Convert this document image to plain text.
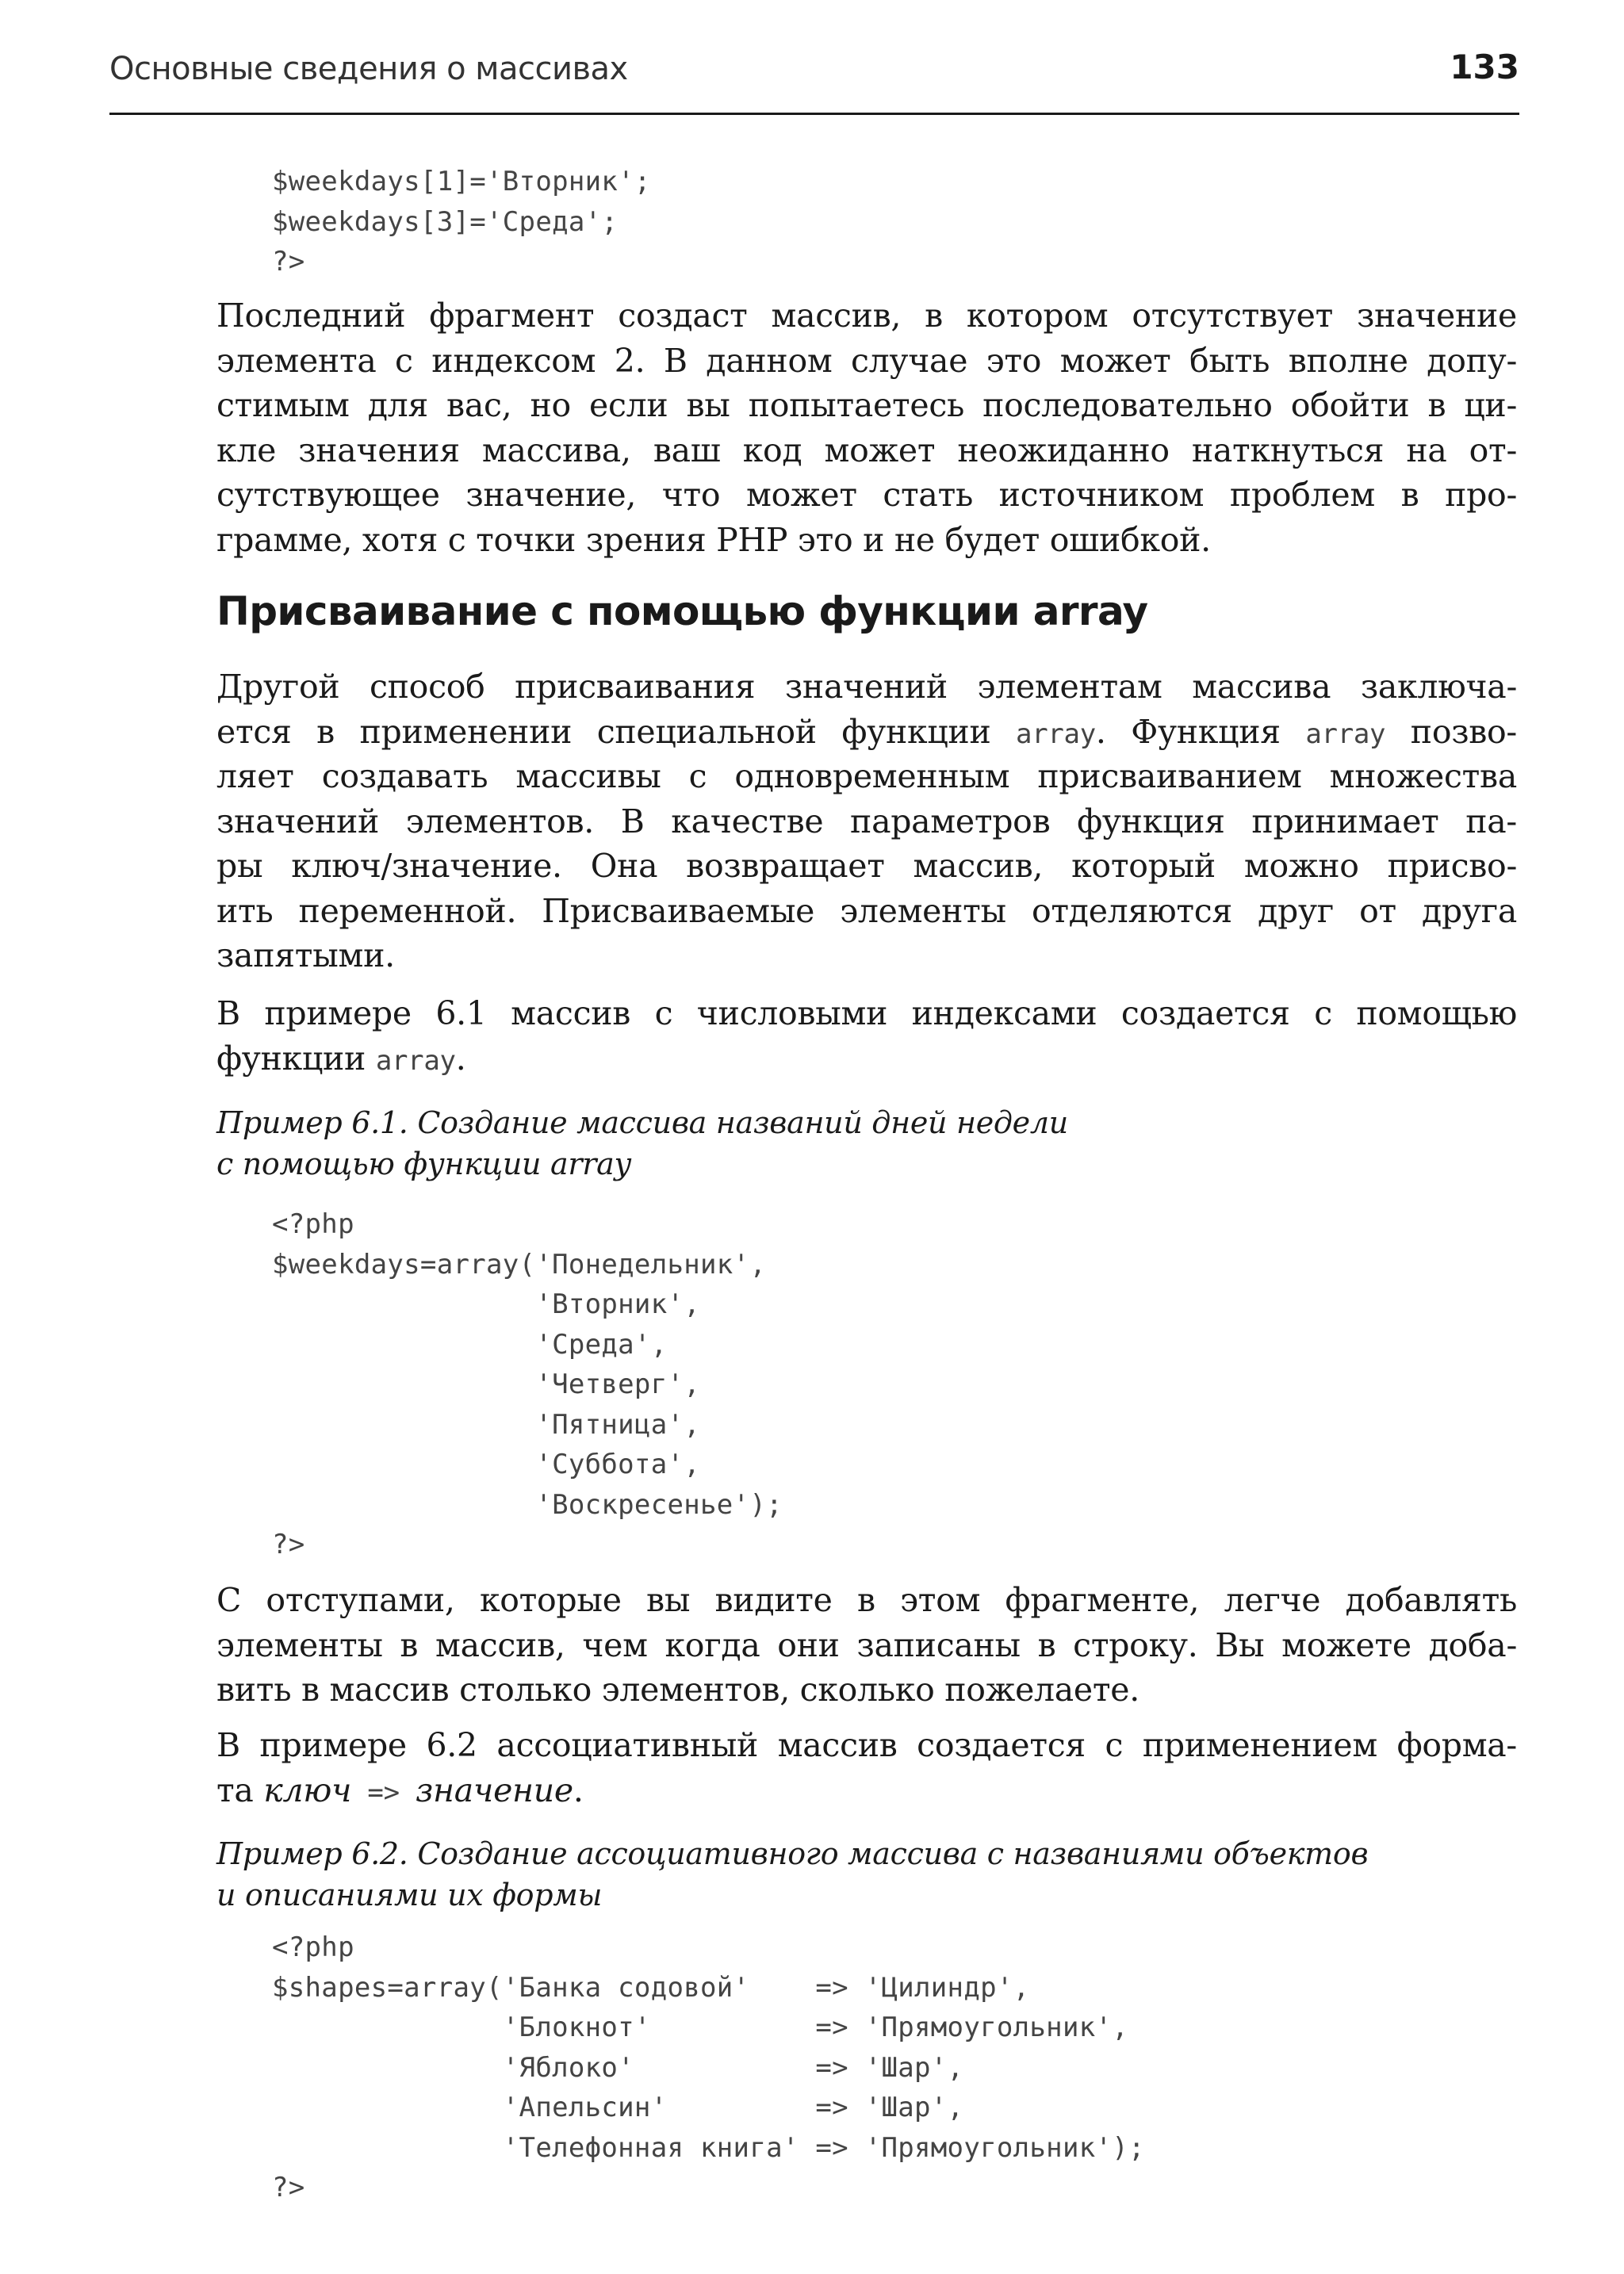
Основные сведения о массивах	133
$weekdays[1]='Вторник';
$weekdays[3]='Среда';
?>
Последний фрагмент создаст массив, в котором отсутствует значение
элемента с индексом 2. В данном случае это может быть вполне допу-
стимым для вас, но если вы попытаетесь последовательно обойти в ци-
кле значения массива, ваш код может неожиданно наткнуться на от-
сутствующее значение, что может стать источником проблем в про-
грамме, хотя с точки зрения PHP это и не будет ошибкой.
Присваивание с помощью функции array
Другой способ присваивания значений элементам массива заключа-
ется в применении специальной функции array. Функция array позво-
ляет создавать массивы с одновременным присваиванием множества
значений элементов. В качестве параметров функция принимает па-
ры ключ/значение. Она возвращает массив, который можно присво-
ить переменной. Присваиваемые элементы отделяются друг от друга
запятыми.
В примере 6.1 массив с числовыми индексами создается с помощью
функции array.
Пример 6.1. Создание массива названий дней недели
с помощью функции array
<?php
$weekdays=array('Понедельник',
'Вторник',
'Среда',
'Четверг',
'Пятница',
'Суббота',
'Воскресенье');
?>
С отступами, которые вы видите в этом фрагменте, легче добавлять
элементы в массив, чем когда они записаны в строку. Вы можете доба-
вить в массив столько элементов, сколько пожелаете.
В примере 6.2 ассоциативный массив создается с применением форма-
та ключ => значение.
Пример 6.2. Создание ассоциативного массива с названиями объектов
и описаниями их формы
<?php
$shapes=array('Банка содовой'    => 'Цилиндр',
'Блокнот'          => 'Прямоугольник',
'Яблоко'           => 'Шар',
'Апельсин'         => 'Шар',
'Телефонная книга' => 'Прямоугольник');
?>
